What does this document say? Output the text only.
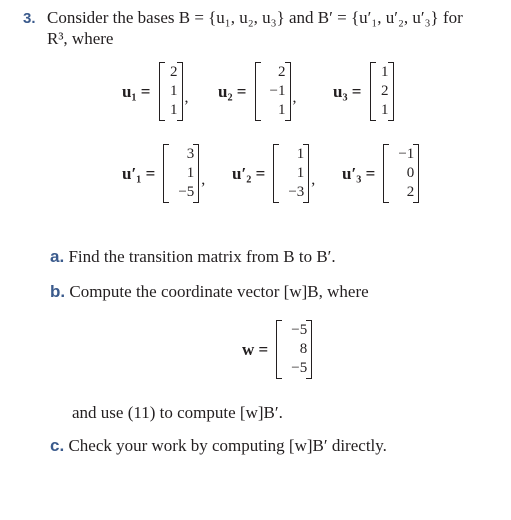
3. Consider the bases B = {u₁, u₂, u₃} and B′ = {u′₁, u′₂, u′₃} for
R³, where
u₁ =
2
1
1
, u₂ =
2
−1
1
, u₃ =
1
2
1
u′₁ =
3
1
−5
, u′₂ =
1
1
−3
, u′₃ =
−1
0
2
a. Find the transition matrix from B to B′.
b. Compute the coordinate vector [w]B, where
w =
−5
8
−5
and use (11) to compute [w]B′.
c. Check your work by computing [w]B′ directly.
